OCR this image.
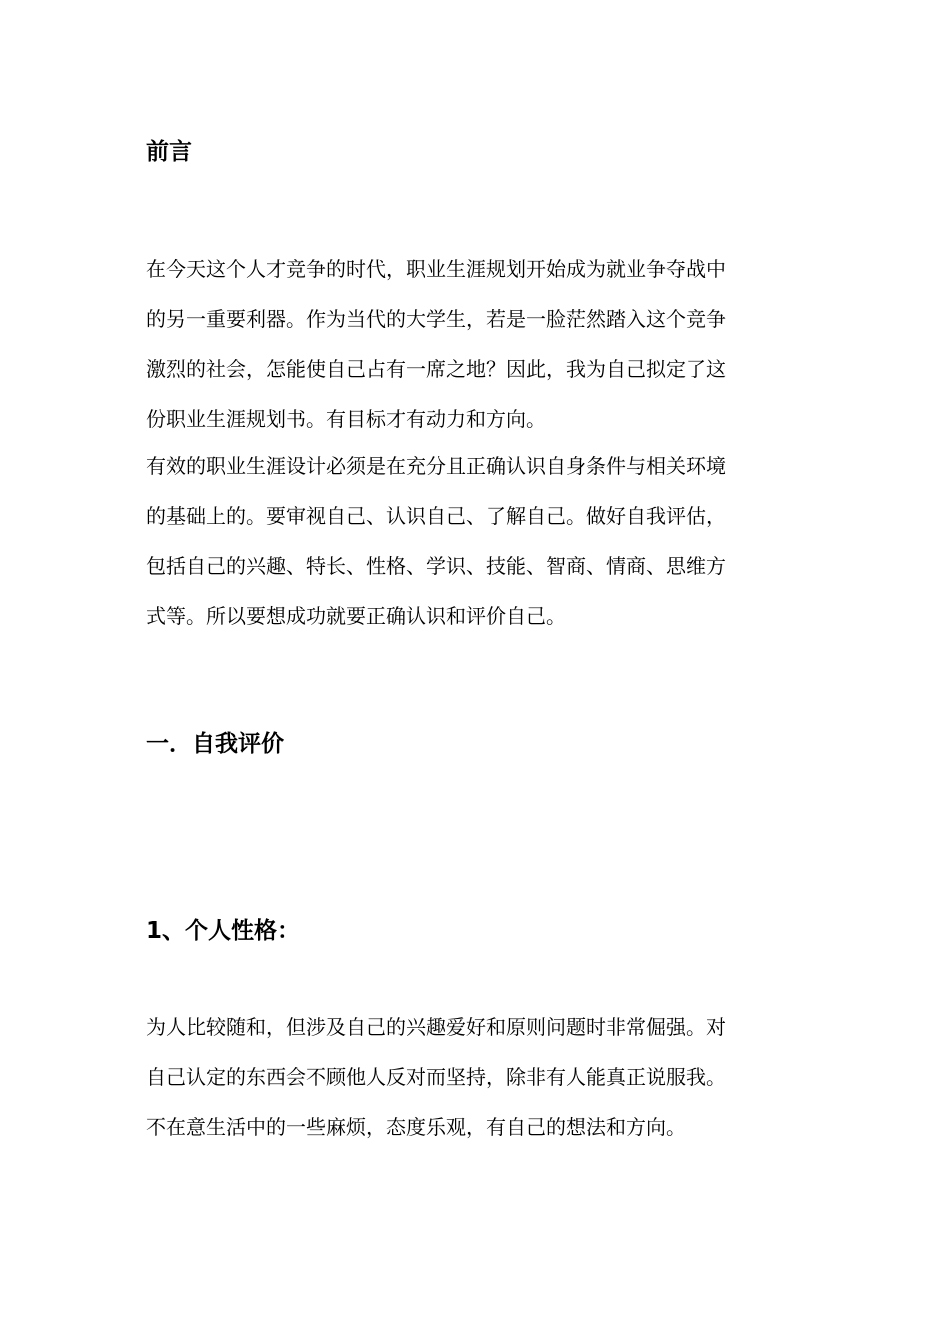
前言

在今天这个人才竞争的时代，职业生涯规划开始成为就业争夺战中
的另一重要利器。作为当代的大学生，若是一脸茫然踏入这个竞争
激烈的社会，怎能使自己占有一席之地？因此，我为自己拟定了这
份职业生涯规划书。有目标才有动力和方向。

有效的职业生涯设计必须是在充分且正确认识自身条件与相关环境
的基础上的。要审视自己、认识自己、了解自己。做好自我评估，
包括自己的兴趣、特长、性格、学识、技能、智商、情商、思维方
式等。所以要想成功就要正确认识和评价自己。

一．自我评价
1、个人性格：

为人比较随和，但涉及自己的兴趣爱好和原则问题时非常倔强。对
自己认定的东西会不顾他人反对而坚持，除非有人能真正说服我。
不在意生活中的一些麻烦，态度乐观，有自己的想法和方向。
